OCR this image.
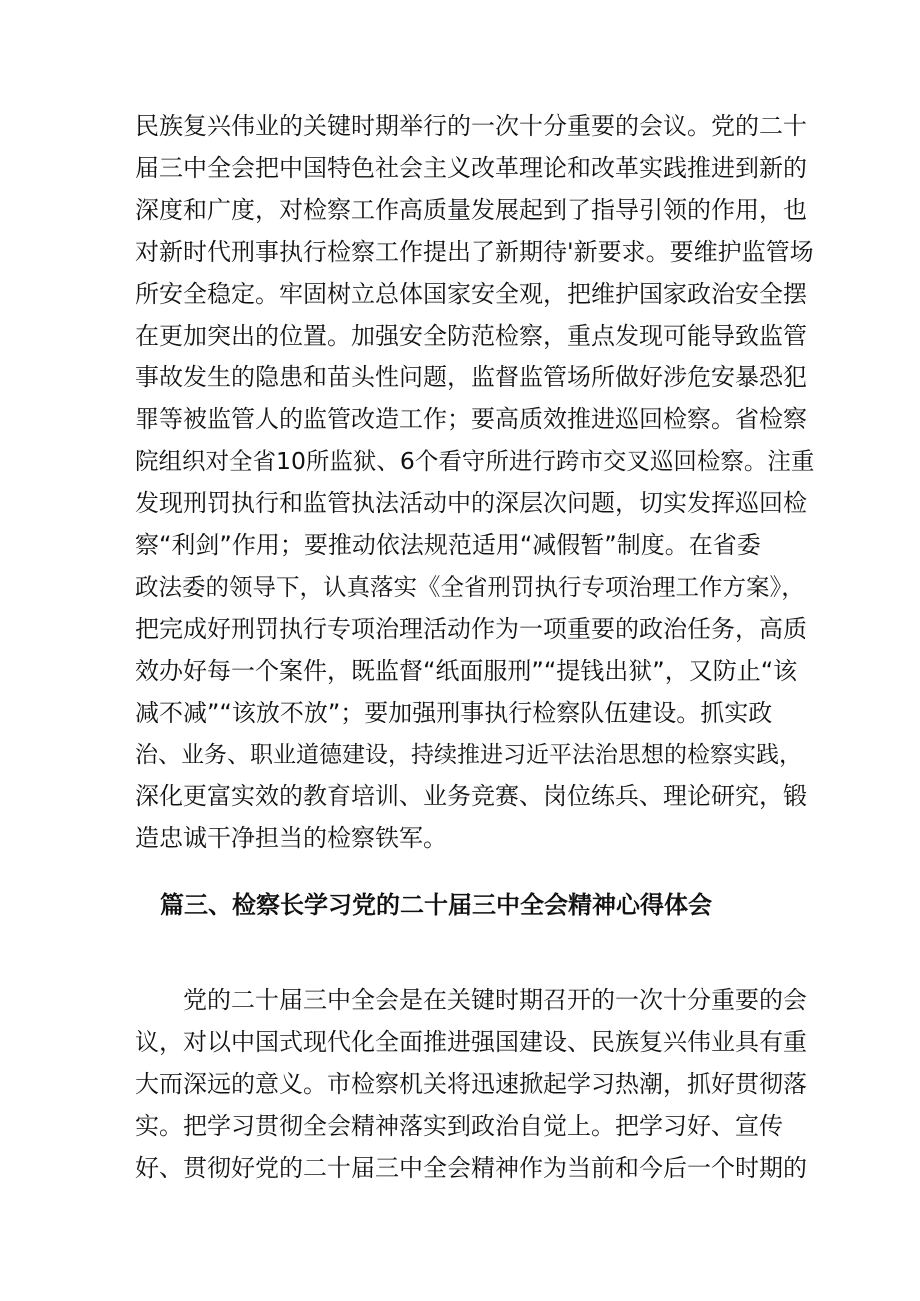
民族复兴伟业的关键时期举行的一次十分重要的会议。党的二十
届三中全会把中国特色社会主义改革理论和改革实践推进到新的
深度和广度，对检察工作高质量发展起到了指导引领的作用，也
对新时代刑事执行检察工作提出了新期待'新要求。要维护监管场
所安全稳定。牢固树立总体国家安全观，把维护国家政治安全摆
在更加突出的位置。加强安全防范检察，重点发现可能导致监管
事故发生的隐患和苗头性问题，监督监管场所做好涉危安暴恐犯
罪等被监管人的监管改造工作；要高质效推进巡回检察。省检察
院组织对全省10所监狱、6个看守所进行跨市交叉巡回检察。注重
发现刑罚执行和监管执法活动中的深层次问题，切实发挥巡回检
察“利剑”作用；要推动依法规范适用“减假暂”制度。在省委
政法委的领导下，认真落实《全省刑罚执行专项治理工作方案》，
把完成好刑罚执行专项治理活动作为一项重要的政治任务，高质
效办好每一个案件，既监督“纸面服刑”“提钱出狱”，又防止“该
减不减”“该放不放”；要加强刑事执行检察队伍建设。抓实政
治、业务、职业道德建设，持续推进习近平法治思想的检察实践，
深化更富实效的教育培训、业务竞赛、岗位练兵、理论研究，锻
造忠诚干净担当的检察铁军。
篇三、检察长学习党的二十届三中全会精神心得体会
党的二十届三中全会是在关键时期召开的一次十分重要的会
议，对以中国式现代化全面推进强国建设、民族复兴伟业具有重
大而深远的意义。市检察机关将迅速掀起学习热潮，抓好贯彻落
实。把学习贯彻全会精神落实到政治自觉上。把学习好、宣传
好、贯彻好党的二十届三中全会精神作为当前和今后一个时期的
